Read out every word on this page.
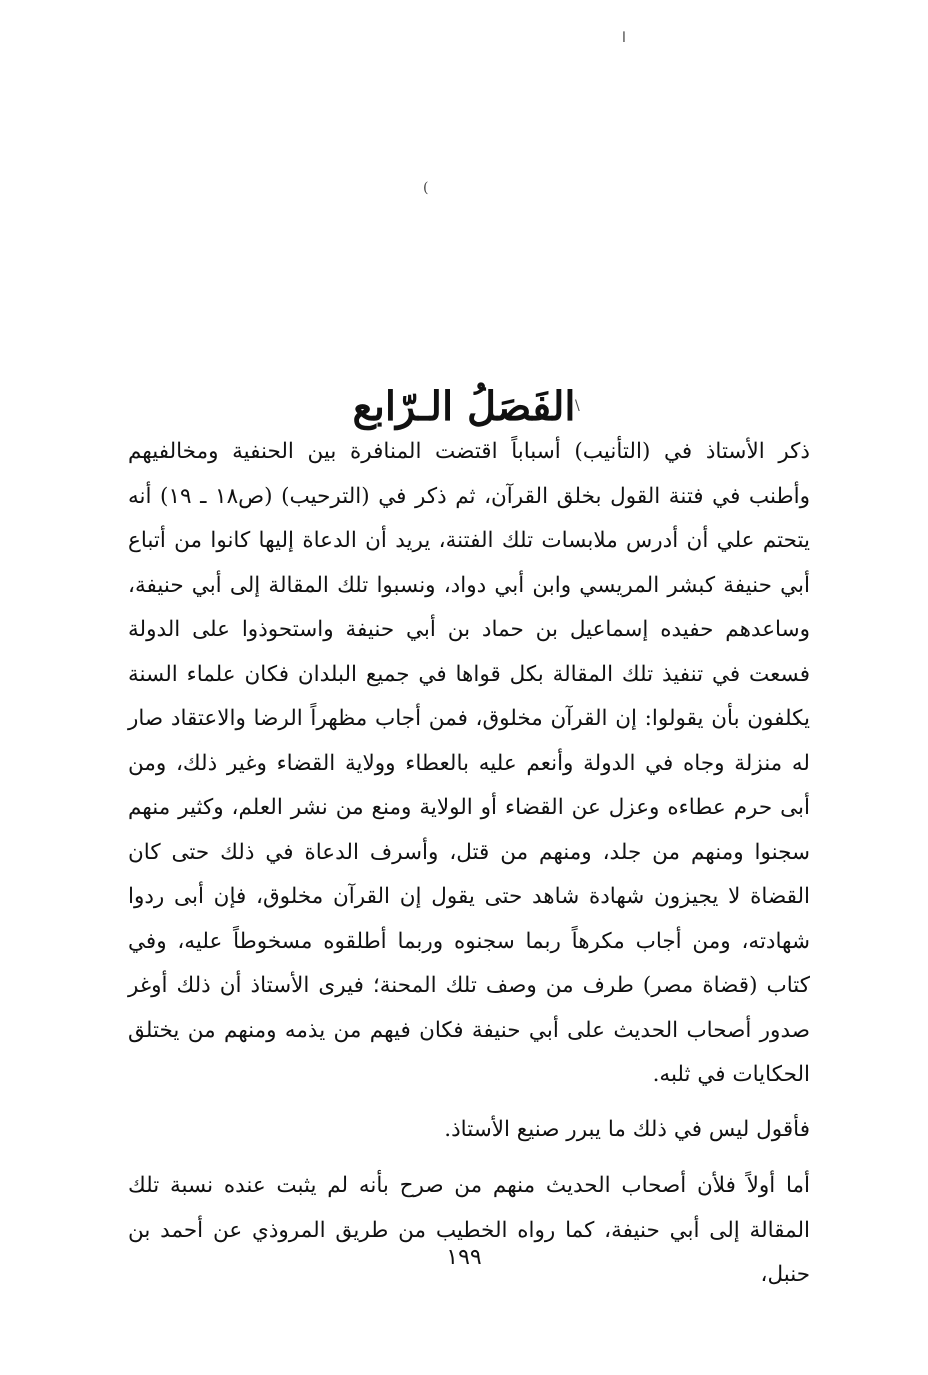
ا
(
الفَصَلُ الـرّابع \

ذكر الأستاذ في (التأنيب) أسباباً اقتضت المنافرة بين الحنفية ومخالفيهم وأطنب في فتنة القول بخلق القرآن، ثم ذكر في (الترحيب) (ص١٨ ـ ١٩) أنه يتحتم علي أن أدرس ملابسات تلك الفتنة، يريد أن الدعاة إليها كانوا من أتباع أبي حنيفة كبشر المريسي وابن أبي دواد، ونسبوا تلك المقالة إلى أبي حنيفة، وساعدهم حفيده إسماعيل بن حماد بن أبي حنيفة واستحوذوا على الدولة فسعت في تنفيذ تلك المقالة بكل قواها في جميع البلدان فكان علماء السنة يكلفون بأن يقولوا: إن القرآن مخلوق، فمن أجاب مظهراً الرضا والاعتقاد صار له منزلة وجاه في الدولة وأنعم عليه بالعطاء وولاية القضاء وغير ذلك، ومن أبى حرم عطاءه وعزل عن القضاء أو الولاية ومنع من نشر العلم، وكثير منهم سجنوا ومنهم من جلد، ومنهم من قتل، وأسرف الدعاة في ذلك حتى كان القضاة لا يجيزون شهادة شاهد حتى يقول إن القرآن مخلوق، فإن أبى ردوا شهادته، ومن أجاب مكرهاً ربما سجنوه وربما أطلقوه مسخوطاً عليه، وفي كتاب (قضاة مصر) طرف من وصف تلك المحنة؛ فيرى الأستاذ أن ذلك أوغر صدور أصحاب الحديث على أبي حنيفة فكان فيهم من يذمه ومنهم من يختلق الحكايات في ثلبه.

فأقول ليس في ذلك ما يبرر صنيع الأستاذ.

أما أولاً فلأن أصحاب الحديث منهم من صرح بأنه لم يثبت عنده نسبة تلك المقالة إلى أبي حنيفة، كما رواه الخطيب من طريق المروذي عن أحمد بن حنبل،

١٩٩
